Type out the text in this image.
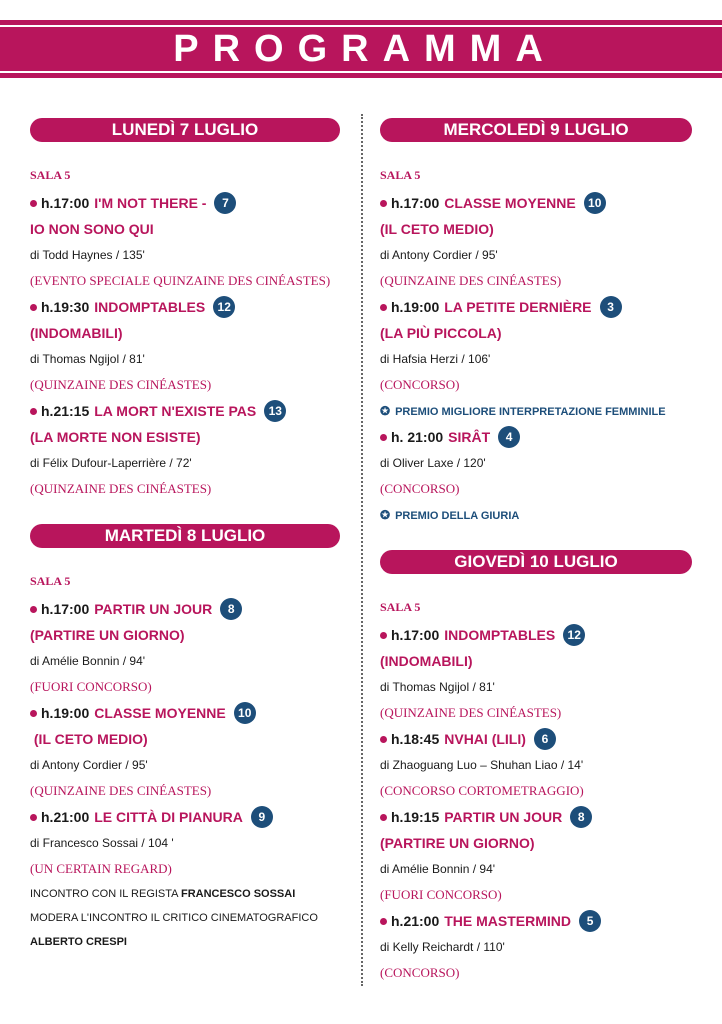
PROGRAMMA
LUNEDÌ 7 LUGLIO
SALA 5
h.17:00 I'M NOT THERE -	7
IO NON SONO QUI
di Todd Haynes / 135'
(EVENTO SPECIALE QUINZAINE DES CINÉASTES)
h.19:30 INDOMPTABLES	12
(INDOMABILI)
di Thomas Ngijol / 81'
(QUINZAINE DES CINÉASTES)
h.21:15 LA MORT N'EXISTE PAS	13
(LA MORTE NON ESISTE)
di Félix Dufour-Laperrière / 72'
(QUINZAINE DES CINÉASTES)
MARTEDÌ 8 LUGLIO
SALA 5
h.17:00 PARTIR UN JOUR	8
(PARTIRE UN GIORNO)
di Amélie Bonnin / 94'
(FUORI CONCORSO)
h.19:00 CLASSE MOYENNE	10
(IL CETO MEDIO)
di Antony Cordier / 95'
(QUINZAINE DES CINÉASTES)
h.21:00 LE CITTÀ DI PIANURA	9
di Francesco Sossai / 104 '
(UN CERTAIN REGARD)
INCONTRO CON IL REGISTA FRANCESCO SOSSAI
MODERA L'INCONTRO IL CRITICO CINEMATOGRAFICO
ALBERTO CRESPI
MERCOLEDÌ 9 LUGLIO
SALA 5
h.17:00 CLASSE MOYENNE	10
(IL CETO MEDIO)
di Antony Cordier / 95'
(QUINZAINE DES CINÉASTES)
h.19:00 LA PETITE DERNIÈRE	3
(LA PIÙ PICCOLA)
di Hafsia Herzi / 106'
(CONCORSO)
✪ PREMIO MIGLIORE INTERPRETAZIONE FEMMINILE
h. 21:00 SIRÂT	4
di Oliver Laxe / 120'
(CONCORSO)
✪ PREMIO DELLA GIURIA
GIOVEDÌ 10 LUGLIO
SALA 5
h.17:00 INDOMPTABLES	12
(INDOMABILI)
di Thomas Ngijol / 81'
(QUINZAINE DES CINÉASTES)
h.18:45 NVHAI (LILI)	6
di Zhaoguang Luo – Shuhan Liao / 14'
(CONCORSO CORTOMETRAGGIO)
h.19:15 PARTIR UN JOUR	8
(PARTIRE UN GIORNO)
di Amélie Bonnin / 94'
(FUORI CONCORSO)
h.21:00 THE MASTERMIND	5
di Kelly Reichardt / 110'
(CONCORSO)
